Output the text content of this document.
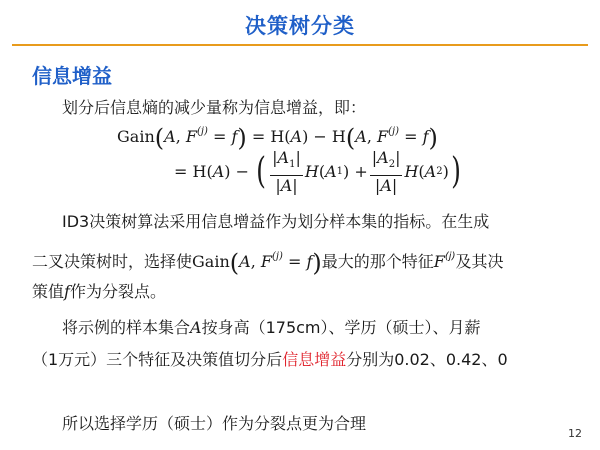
决策树分类
信息增益
划分后信息熵的减少量称为信息增益，即：
Gain(A, $F^{(j)} = f) = H(A) - H(A$, $F^{(j)} = f$)
= H ( A ) − ( $\frac{|A_1|}{|A|}$ H ( A 1 ) + $\frac{|A_2|}{|A|}$ H ( A 2 ) )
ID3决策树算法采用信息增益作为划分样本集的指标。在生成
二叉决策树时，选择使Gain(A, $F^{(j)} = f$)最大的那个特征$F^{(j)}$及其决
策值f作为分裂点。
将示例的样本集合A按身高（175cm）、学历（硕士）、月薪
（1万元）三个特征及决策值切分后信息增益分别为0.02、0.42、0
所以选择学历（硕士）作为分裂点更为合理
12
